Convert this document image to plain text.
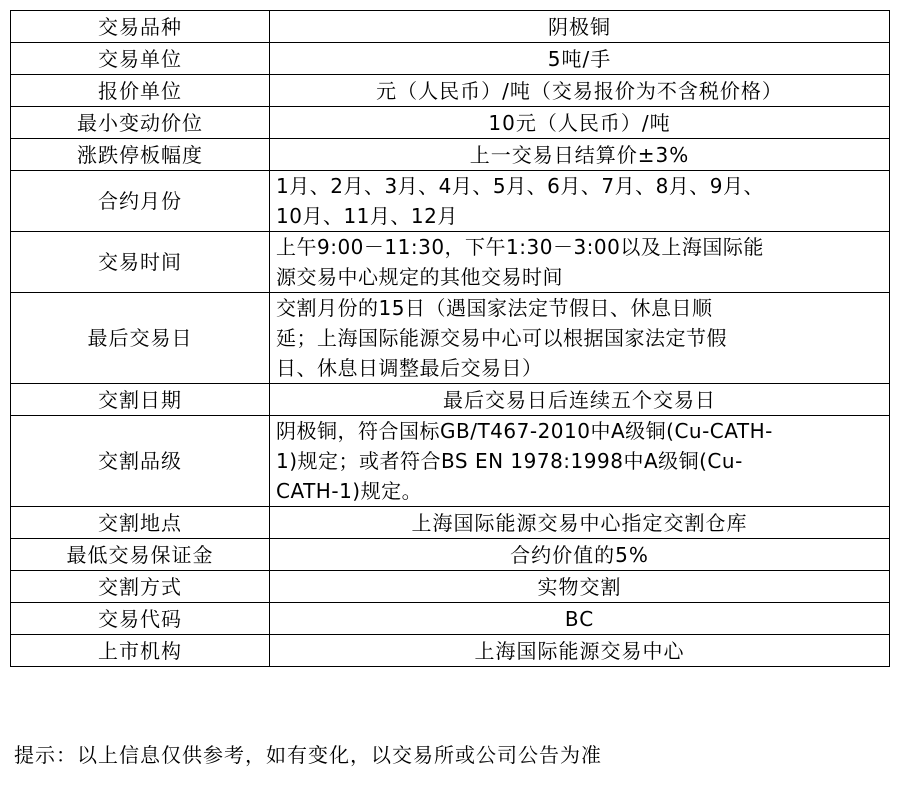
交易品种	阴极铜
交易单位	5吨/手
报价单位	元（人民币）/吨（交易报价为不含税价格）
最小变动价位	10元（人民币）/吨
涨跌停板幅度	上一交易日结算价±3%
合约月份	1月、2月、3月、4月、5月、6月、7月、8月、9月、
10月、11月、12月

交易时间	上午9:00－11:30，下午1:30－3:00以及上海国际能
源交易中心规定的其他交易时间

最后交易日	交割月份的15日（遇国家法定节假日、休息日顺
延；上海国际能源交易中心可以根据国家法定节假
日、休息日调整最后交易日）

交割日期	最后交易日后连续五个交易日
交割品级	阴极铜，符合国标GB/T467-2010中A级铜(Cu-CATH-
1)规定；或者符合BS EN 1978:1998中A级铜(Cu-
CATH-1)规定。

交割地点	上海国际能源交易中心指定交割仓库
最低交易保证金	合约价值的5%
交割方式	实物交割
交易代码	BC
上市机构	上海国际能源交易中心
提示：以上信息仅供参考，如有变化，以交易所或公司公告为准
